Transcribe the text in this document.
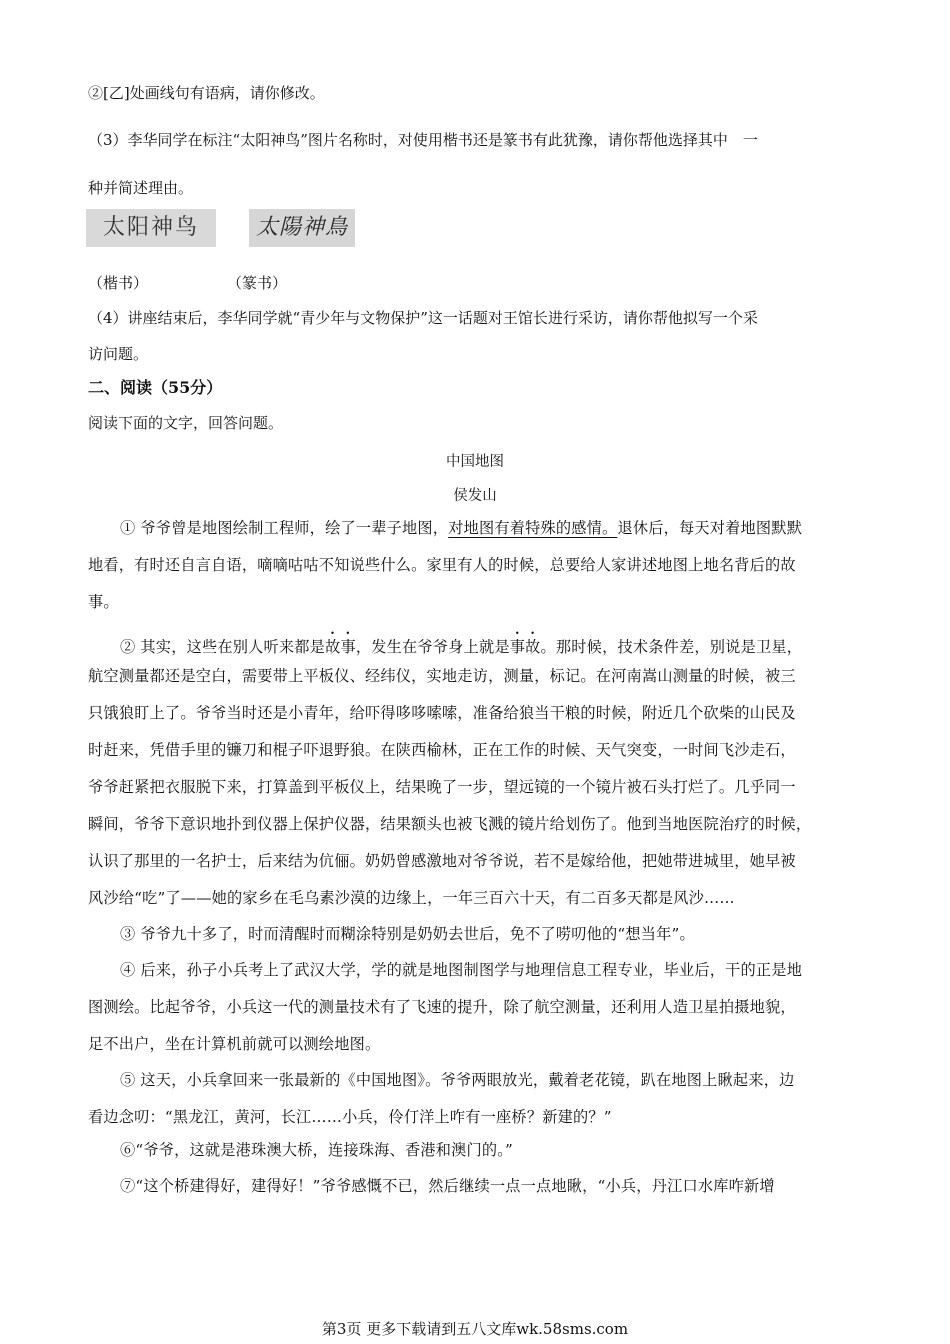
②[乙]处画线句有语病，请你修改。
（3）李华同学在标注“太阳神鸟”图片名称时，对使用楷书还是篆书有此犹豫，请你帮他选择其中　一
种并简述理由。
太阳神鸟	太陽神鳥
（楷书）	（篆书）
（4）讲座结束后，李华同学就“青少年与文物保护”这一话题对王馆长进行采访，请你帮他拟写一个采
访问题。
二、阅读（55分）
阅读下面的文字，回答问题。
中国地图
侯发山
① 爷爷曾是地图绘制工程师，绘了一辈子地图，对地图有着特殊的感情。退休后，每天对着地图默默
地看，有时还自言自语，嘀嘀咕咕不知说些什么。家里有人的时候，总要给人家讲述地图上地名背后的故
事。
② 其实，这些在别人听来都是故事，发生在爷爷身上就是事故。那时候，技术条件差，别说是卫星，
航空测量都还是空白，需要带上平板仪、经纬仪，实地走访，测量，标记。在河南嵩山测量的时候，被三
只饿狼盯上了。爷爷当时还是小青年，给吓得哆哆嗦嗦，准备给狼当干粮的时候，附近几个砍柴的山民及
时赶来，凭借手里的镰刀和棍子吓退野狼。在陕西榆林，正在工作的时候、天气突变，一时间飞沙走石，
爷爷赶紧把衣服脱下来，打算盖到平板仪上，结果晚了一步，望远镜的一个镜片被石头打烂了。几乎同一
瞬间，爷爷下意识地扑到仪器上保护仪器，结果额头也被飞溅的镜片给划伤了。他到当地医院治疗的时候，
认识了那里的一名护士，后来结为伉俪。奶奶曾感激地对爷爷说，若不是嫁给他，把她带进城里，她早被
风沙给“吃”了——她的家乡在毛乌素沙漠的边缘上，一年三百六十天，有二百多天都是风沙……
③ 爷爷九十多了，时而清醒时而糊涂特别是奶奶去世后，免不了唠叨他的“想当年”。
④ 后来，孙子小兵考上了武汉大学，学的就是地图制图学与地理信息工程专业，毕业后，干的正是地
图测绘。比起爷爷，小兵这一代的测量技术有了飞速的提升，除了航空测量，还利用人造卫星拍摄地貌，
足不出户，坐在计算机前就可以测绘地图。
⑤ 这天，小兵拿回来一张最新的《中国地图》。爷爷两眼放光，戴着老花镜，趴在地图上瞅起来，边
看边念叨：“黑龙江，黄河，长江……小兵，伶仃洋上咋有一座桥？新建的？”
⑥“爷爷，这就是港珠澳大桥，连接珠海、香港和澳门的。”
⑦“这个桥建得好，建得好！”爷爷感慨不已，然后继续一点一点地瞅，“小兵，丹江口水库咋新增
第3页 更多下载请到五八文库wk.58sms.com
